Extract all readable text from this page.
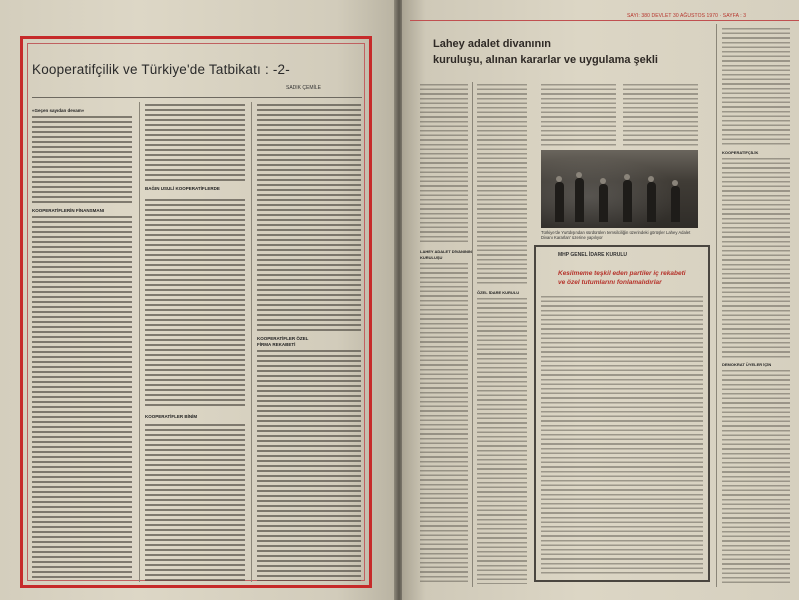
Kooperatifçilik ve Türkiye'de Tatbikatı : -2-
SADIK ÇEMİLE
«Geçen sayıdan devam»
KOOPERATİFLERİN FİNANSMANI
BAĞIN USULİ KOOPERATİFLERDE
KOOPERATİFLER BİNİM
KOOPERATİFLER ÖZEL
FİRMA REKABETİ
SAYI: 380 DEVLET 30 AĞUSTOS 1970 · SAYFA : 3
Lahey adalet divanının
kuruluşu, alınan kararlar ve uygulama şekli
LAHEY ADALET DİVANININ
KURULUŞU
ÖZEL İDARE KURULU
Türkiye'de Yurtdışından sürdürülen temsilciliğin üzerindeki görüşler Lahey Adalet Divanı Kararları' üzerine yapılıyor
MHP GENEL İDARE KURULU
Kesilmeme teşkil eden partiler iç rekabeti
ve özel tutumlarını fonlamalıdırlar
KOOPERATİFÇİLİK
DEMOKRAT ÜYELER İÇİN
